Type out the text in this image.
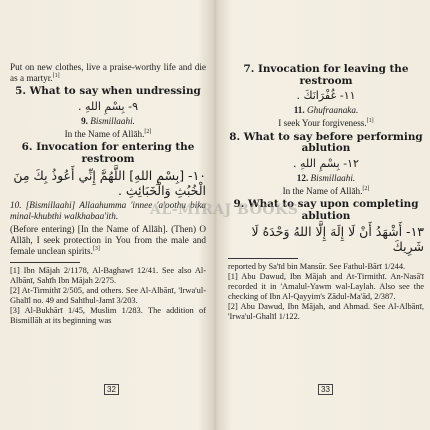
Put on new clothes, live a praise-worthy life and die as a martyr.[1]

5. What to say when undressing
٩- بِسْمِ اللهِ .

9. Bismillaahi.

In the Name of Allāh.[2]

6. Invocation for entering the restroom
١٠- [بِسْمِ اللهِ] اللَّهُمَّ إِنِّي أَعُوذُ بِكَ مِنَ الْخُبُثِ وَالْخَبَائِثِ .

10. [Bismillaahi] Allaahumma 'innee 'a'oothu bika minal-khubthi walkhabaa'ith.

(Before entering) [In the Name of Allāh]. (Then) O Allāh, I seek protection in You from the male and female unclean spirits.[3]

[1] Ibn Mājah 2/1178, Al-Baghawī 12/41. See also Al-Albānī, Sahīh Ibn Mājah 2/275.

[2] At-Tirmithī 2/505, and others. See Al-Albānī, 'Irwa'ul-Ghalīl no. 49 and Sahīhul-Jamī 3/203.

[3] Al-Bukhārī 1/45, Muslim 1/283. The addition of Bismillāh at its beginning was

32
7. Invocation for leaving the restroom
١١- غُفْرَانَكَ .

11. Ghufraanaka.

I seek Your forgiveness.[1]

8. What to say before performing ablution
١٢- بِسْمِ اللهِ .

12. Bismillaahi.

In the Name of Allāh.[2]

9. What to say upon completing ablution
١٣- أَشْهَدُ أَنْ لَا إِلَهَ إِلَّا اللهُ وَحْدَهُ لَا شَرِيكَ

reported by Sa'īd bin Mansūr. See Fathul-Bārī 1/244.

[1] Abu Dawud, Ibn Mājah and At-Tirmithī. An-Nasā'ī recorded it in 'Amalul-Yawm wal-Laylah. Also see the checking of Ibn Al-Qayyim's Zādul-Ma'ād, 2/387.

[2] Abu Dawud, Ibn Mājah, and Ahmad. See Al-Albānī, 'Irwa'ul-Ghalīl 1/122.

33
AL-MIRAJ BOOKS
